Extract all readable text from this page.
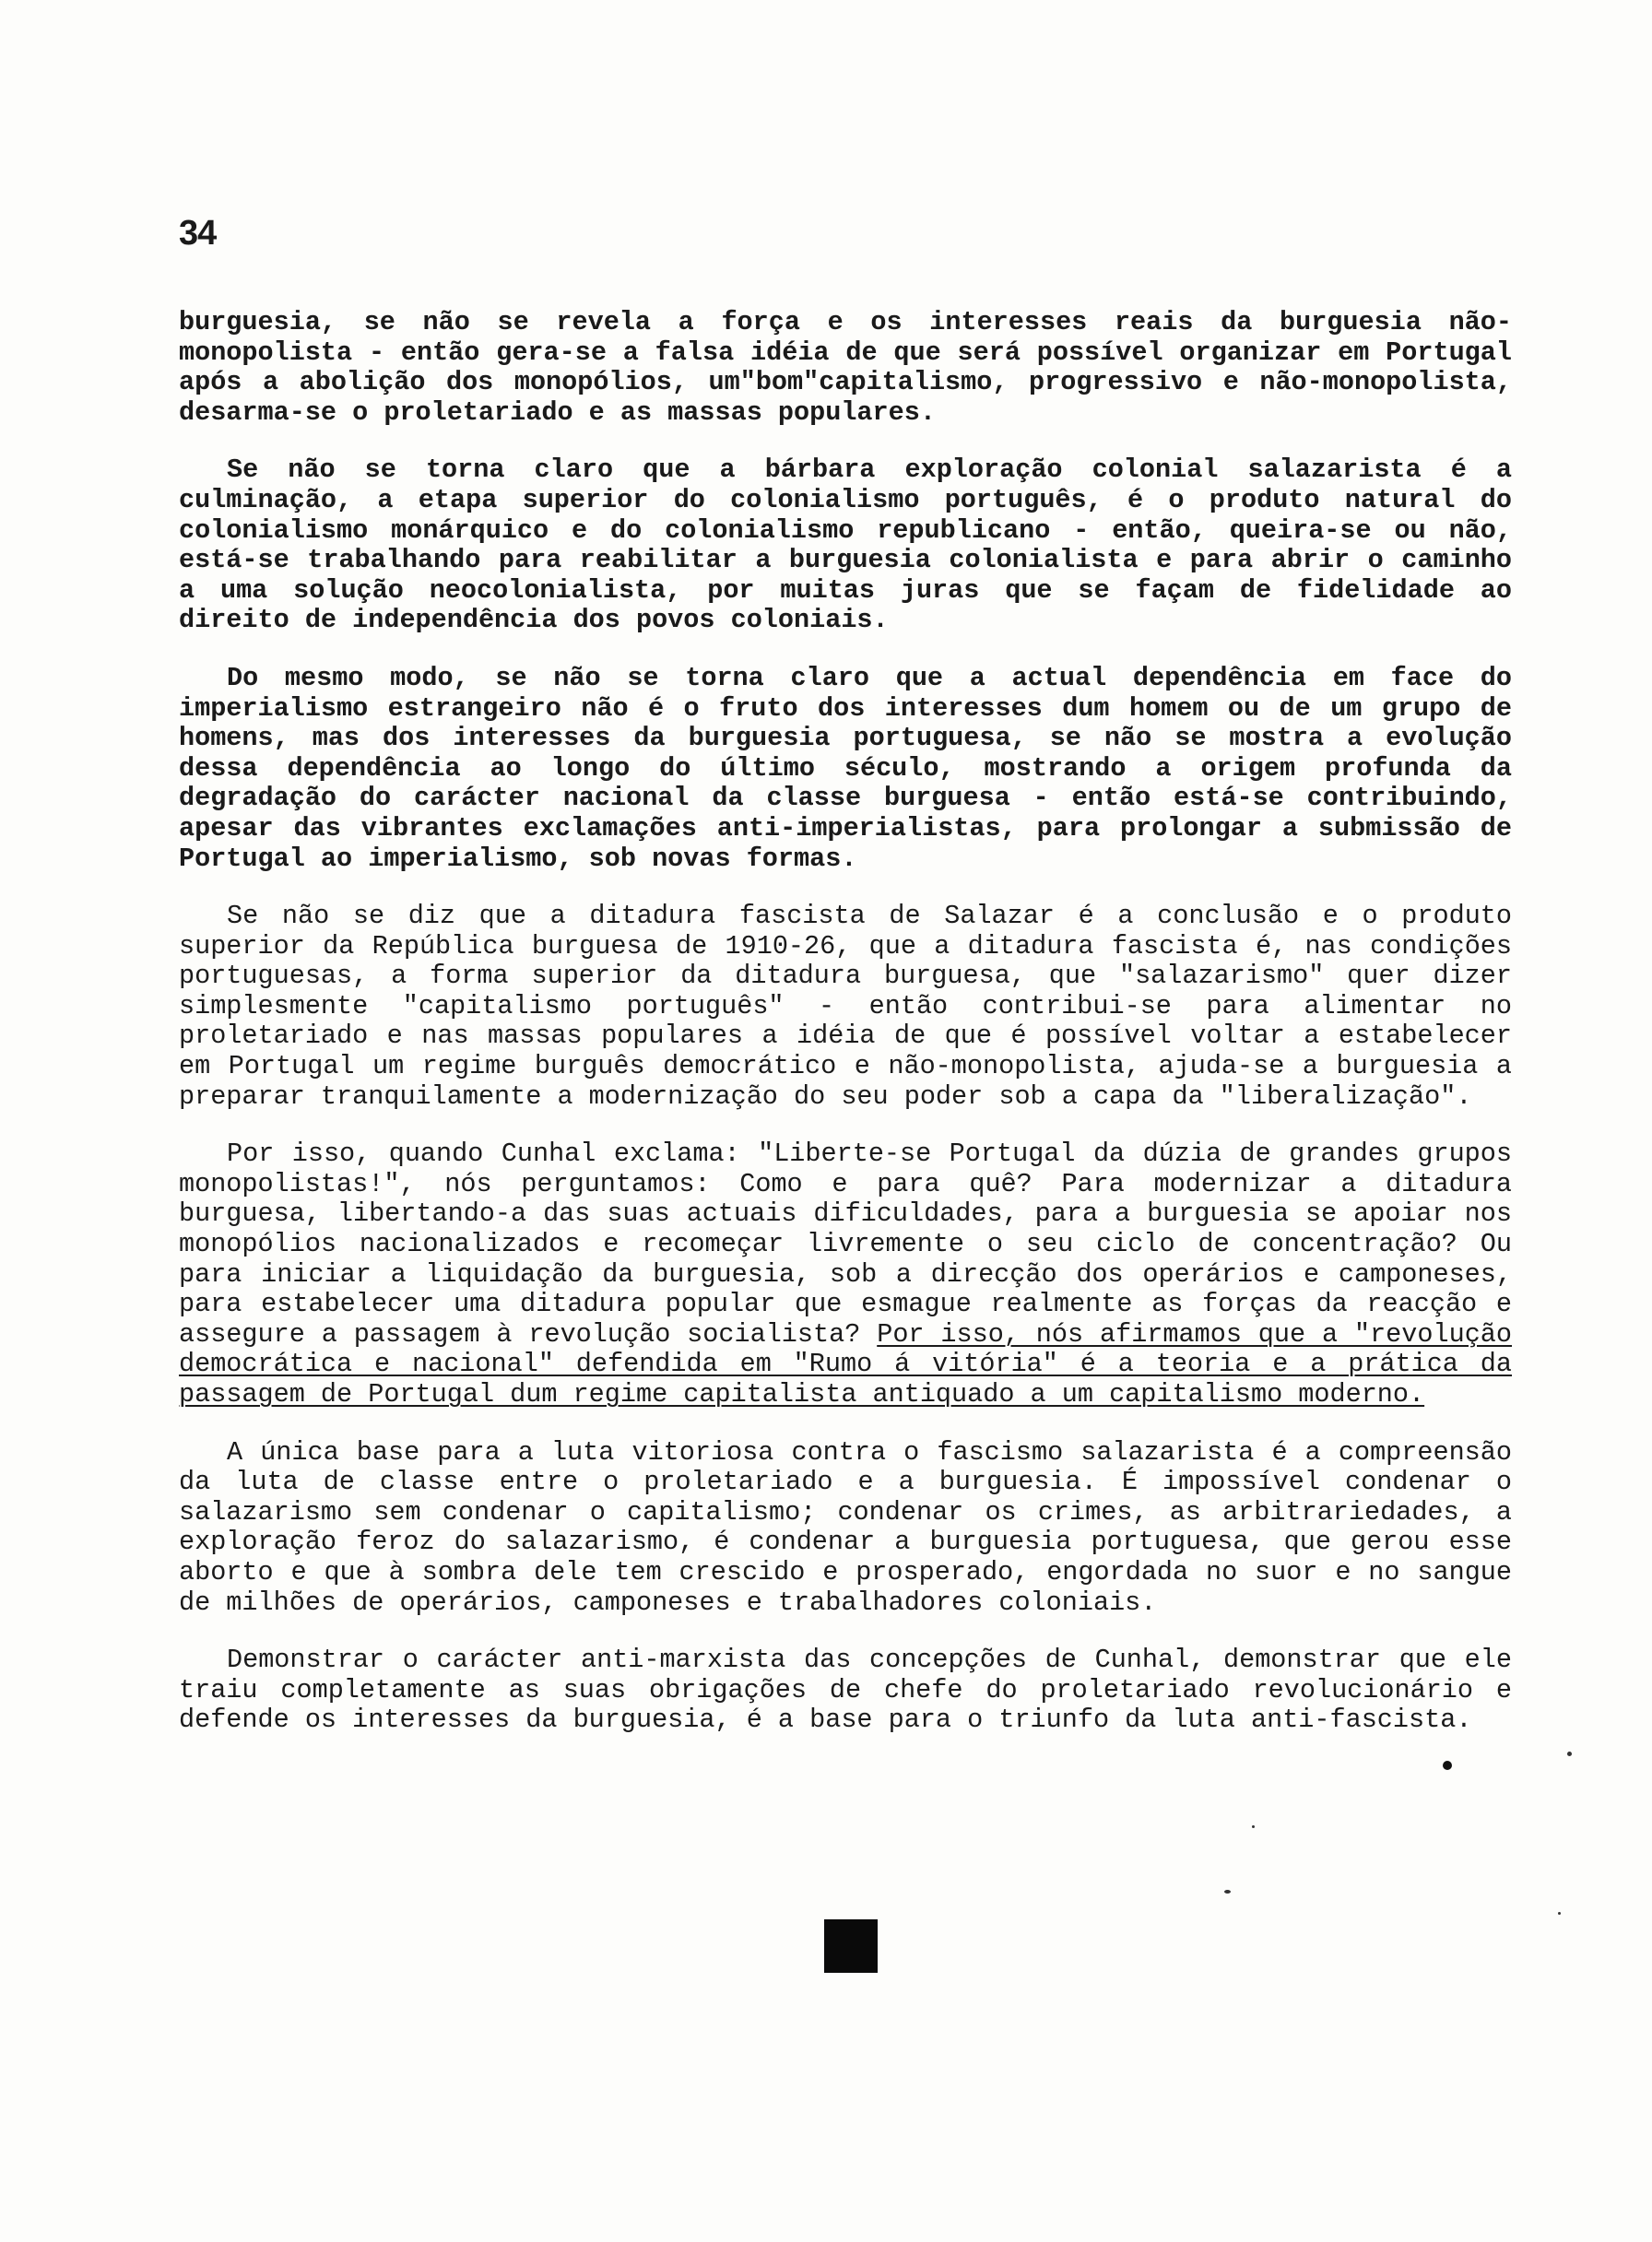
34

burguesia, se não se revela a força e os interesses reais da burguesia não-monopolista - então gera-se a falsa idéia de que será possível organizar em Portugal após a abolição dos monopólios, um"bom"capitalismo, progressivo e não-monopolista, desarma-se o proletariado e as massas populares.

Se não se torna claro que a bárbara exploração colonial salazarista é a culminação, a etapa superior do colonialismo português, é o produto natural do colonialismo monárquico e do colonialismo republicano - então, queira-se ou não, está-se trabalhando para reabilitar a burguesia colonialista e para abrir o caminho a uma solução neocolonialista, por muitas juras que se façam de fidelidade ao direito de independência dos povos coloniais.

Do mesmo modo, se não se torna claro que a actual dependência em face do imperialismo estrangeiro não é o fruto dos interesses dum homem ou de um grupo de homens, mas dos interesses da burguesia portuguesa, se não se mostra a evolução dessa dependência ao longo do último século, mostrando a origem profunda da degradação do carácter nacional da classe burguesa - então está-se contribuindo, apesar das vibrantes exclamações anti-imperialistas, para prolongar a submissão de Portugal ao imperialismo, sob novas formas.

Se não se diz que a ditadura fascista de Salazar é a conclusão e o produto superior da República burguesa de 1910-26, que a ditadura fascista é, nas condições portuguesas, a forma superior da ditadura burguesa, que "salazarismo" quer dizer simplesmente "capitalismo português" - então contribui-se para alimentar no proletariado e nas massas populares a idéia de que é possível voltar a estabelecer em Portugal um regime burguês democrático e não-monopolista, ajuda-se a burguesia a preparar tranquilamente a modernização do seu poder sob a capa da "liberalização".

Por isso, quando Cunhal exclama: "Liberte-se Portugal da dúzia de grandes grupos monopolistas!", nós perguntamos: Como e para quê? Para modernizar a ditadura burguesa, libertando-a das suas actuais dificuldades, para a burguesia se apoiar nos monopólios nacionalizados e recomeçar livremente o seu ciclo de concentração? Ou para iniciar a liquidação da burguesia, sob a direcção dos operários e camponeses, para estabelecer uma ditadura popular que esmague realmente as forças da reacção e assegure a passagem à revolução socialista? Por isso, nós afirmamos que a "revolução democrática e nacional" defendida em "Rumo á vitória" é a teoria e a prática da passagem de Portugal dum regime capitalista antiquado a um capitalismo moderno.

A única base para a luta vitoriosa contra o fascismo salazarista é a compreensão da luta de classe entre o proletariado e a burguesia. É impossível condenar o salazarismo sem condenar o capitalismo; condenar os crimes, as arbitrariedades, a exploração feroz do salazarismo, é condenar a burguesia portuguesa, que gerou esse aborto e que à sombra dele tem crescido e prosperado, engordada no suor e no sangue de milhões de operários, camponeses e trabalhadores coloniais.

Demonstrar o carácter anti-marxista das concepções de Cunhal, demonstrar que ele traiu completamente as suas obrigações de chefe do proletariado revolucionário e defende os interesses da burguesia, é a base para o triunfo da luta anti-fascista.
